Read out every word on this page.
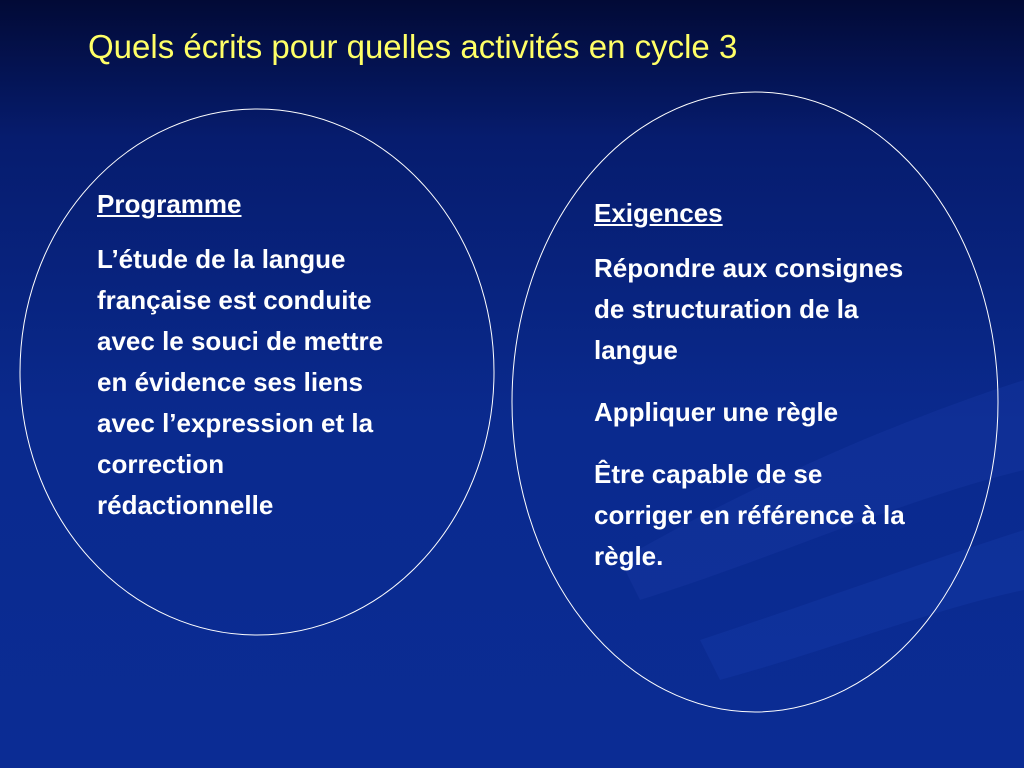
Quels écrits pour quelles activités en cycle 3
Programme
L’étude de la langue française est conduite avec le souci de mettre en évidence ses liens avec l’expression et la correction rédactionnelle
Exigences
Répondre aux consignes de structuration de la langue
Appliquer une règle
Être capable de se corriger en référence à la règle.
